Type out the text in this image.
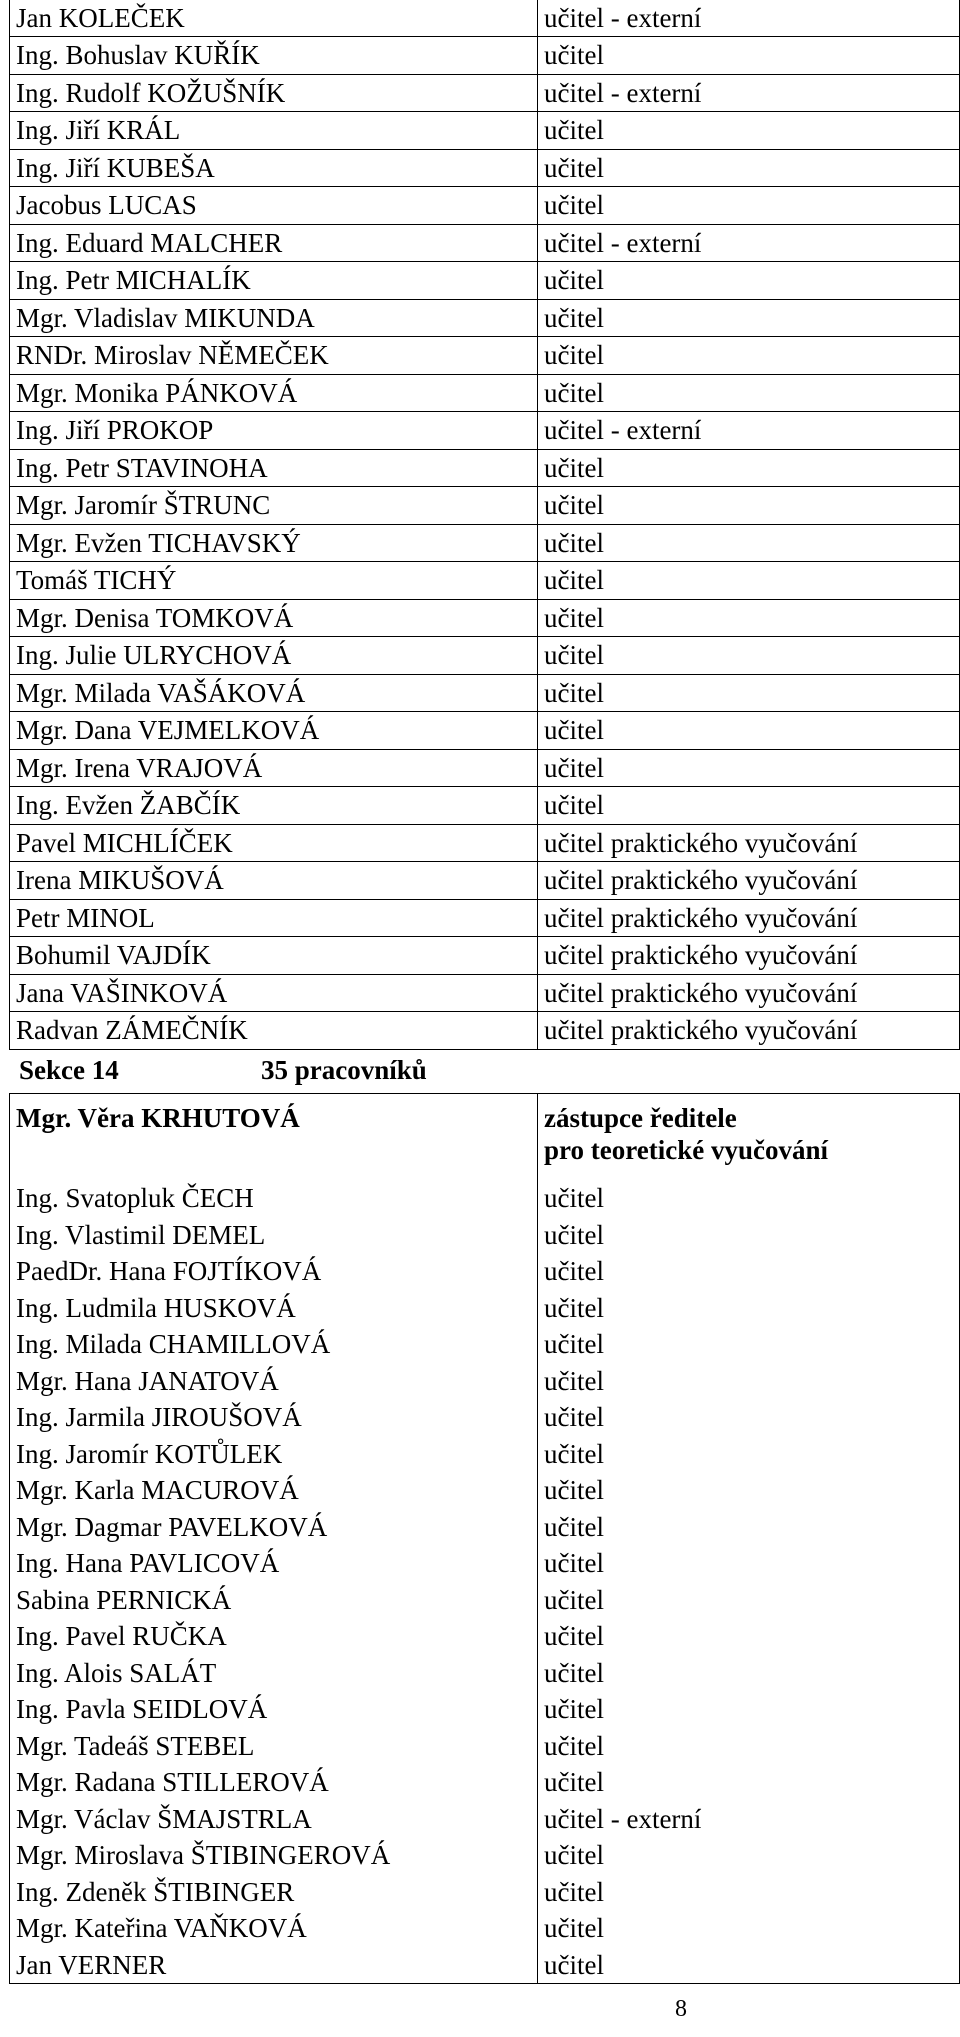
Jan KOLEČEK	učitel - externí
Ing. Bohuslav KUŘÍK	učitel
Ing. Rudolf KOŽUŠNÍK	učitel - externí
Ing. Jiří KRÁL	učitel
Ing. Jiří KUBEŠA	učitel
Jacobus LUCAS	učitel
Ing. Eduard MALCHER	učitel - externí
Ing. Petr MICHALÍK	učitel
Mgr. Vladislav MIKUNDA	učitel
RNDr. Miroslav NĚMEČEK	učitel
Mgr. Monika PÁNKOVÁ	učitel
Ing. Jiří PROKOP	učitel - externí
Ing. Petr STAVINOHA	učitel
Mgr. Jaromír ŠTRUNC	učitel
Mgr. Evžen TICHAVSKÝ	učitel
Tomáš TICHÝ	učitel
Mgr. Denisa TOMKOVÁ	učitel
Ing. Julie ULRYCHOVÁ	učitel
Mgr. Milada VAŠÁKOVÁ	učitel
Mgr. Dana VEJMELKOVÁ	učitel
Mgr. Irena VRAJOVÁ	učitel
Ing. Evžen ŽABČÍK	učitel
Pavel MICHLÍČEK	učitel praktického vyučování
Irena MIKUŠOVÁ	učitel praktického vyučování
Petr MINOL	učitel praktického vyučování
Bohumil VAJDÍK	učitel praktického vyučování
Jana VAŠINKOVÁ	učitel praktického vyučování
Radvan ZÁMEČNÍK	učitel praktického vyučování
Sekce 14	35 pracovníků
Mgr. Věra KRHUTOVÁ	zástupce ředitele
pro teoretické vyučování

Ing. Svatopluk ČECH	učitel
Ing. Vlastimil DEMEL	učitel
PaedDr. Hana FOJTÍKOVÁ	učitel
Ing. Ludmila HUSKOVÁ	učitel
Ing. Milada CHAMILLOVÁ	učitel
Mgr. Hana JANATOVÁ	učitel
Ing. Jarmila JIROUŠOVÁ	učitel
Ing. Jaromír KOTŮLEK	učitel
Mgr. Karla MACUROVÁ	učitel
Mgr. Dagmar PAVELKOVÁ	učitel
Ing. Hana PAVLICOVÁ	učitel
Sabina PERNICKÁ	učitel
Ing. Pavel RUČKA	učitel
Ing. Alois SALÁT	učitel
Ing. Pavla SEIDLOVÁ	učitel
Mgr. Tadeáš STEBEL	učitel
Mgr. Radana STILLEROVÁ	učitel
Mgr. Václav ŠMAJSTRLA	učitel - externí
Mgr. Miroslava ŠTIBINGEROVÁ	učitel
Ing. Zdeněk ŠTIBINGER	učitel
Mgr. Kateřina VAŇKOVÁ	učitel
Jan VERNER	učitel
8
